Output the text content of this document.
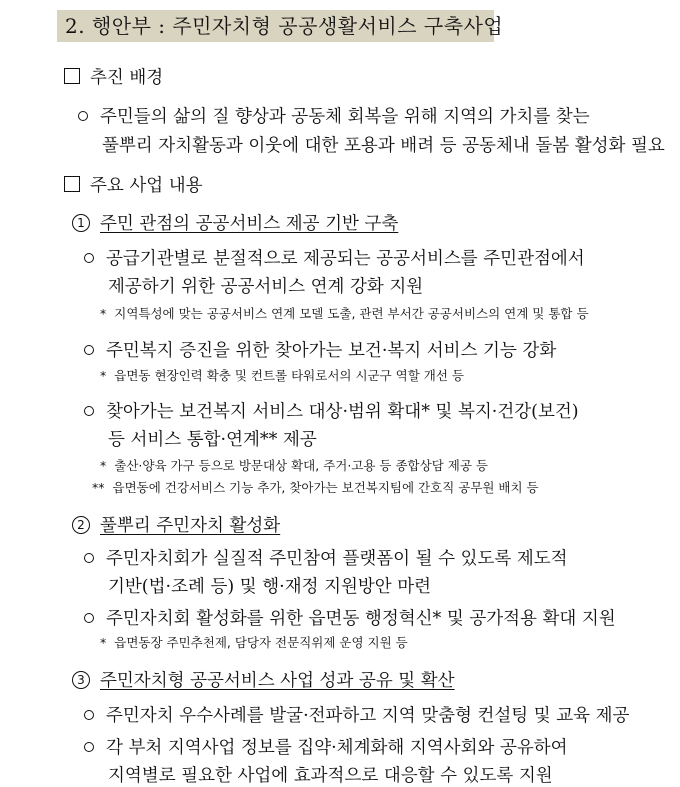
2. 행안부 : 주민자치형 공공생활서비스 구축사업
추진 배경
주민들의 삶의 질 향상과 공동체 회복을 위해 지역의 가치를 찾는
풀뿌리 자치활동과 이웃에 대한 포용과 배려 등 공동체내 돌봄 활성화 필요
주요 사업 내용
1 주민 관점의 공공서비스 제공 기반 구축
공급기관별로 분절적으로 제공되는 공공서비스를 주민관점에서
제공하기 위한 공공서비스 연계 강화 지원
* 지역특성에 맞는 공공서비스 연계 모델 도출, 관련 부서간 공공서비스의 연계 및 통합 등
주민복지 증진을 위한 찾아가는 보건·복지 서비스 기능 강화
* 읍면동 현장인력 확충 및 컨트롤 타워로서의 시군구 역할 개선 등
찾아가는 보건복지 서비스 대상·범위 확대* 및 복지·건강(보건)
등 서비스 통합·연계** 제공
* 출산·양육 가구 등으로 방문대상 확대, 주거·고용 등 종합상담 제공 등
** 읍면동에 건강서비스 기능 추가, 찾아가는 보건복지팀에 간호직 공무원 배치 등
2 풀뿌리 주민자치 활성화
주민자치회가 실질적 주민참여 플랫폼이 될 수 있도록 제도적
기반(법·조례 등) 및 행·재정 지원방안 마련
주민자치회 활성화를 위한 읍면동 행정혁신* 및 공가적용 확대 지원
* 읍면동장 주민추천제, 담당자 전문직위제 운영 지원 등
3 주민자치형 공공서비스 사업 성과 공유 및 확산
주민자치 우수사례를 발굴·전파하고 지역 맞춤형 컨설팅 및 교육 제공
각 부처 지역사업 정보를 집약·체계화해 지역사회와 공유하여
지역별로 필요한 사업에 효과적으로 대응할 수 있도록 지원
